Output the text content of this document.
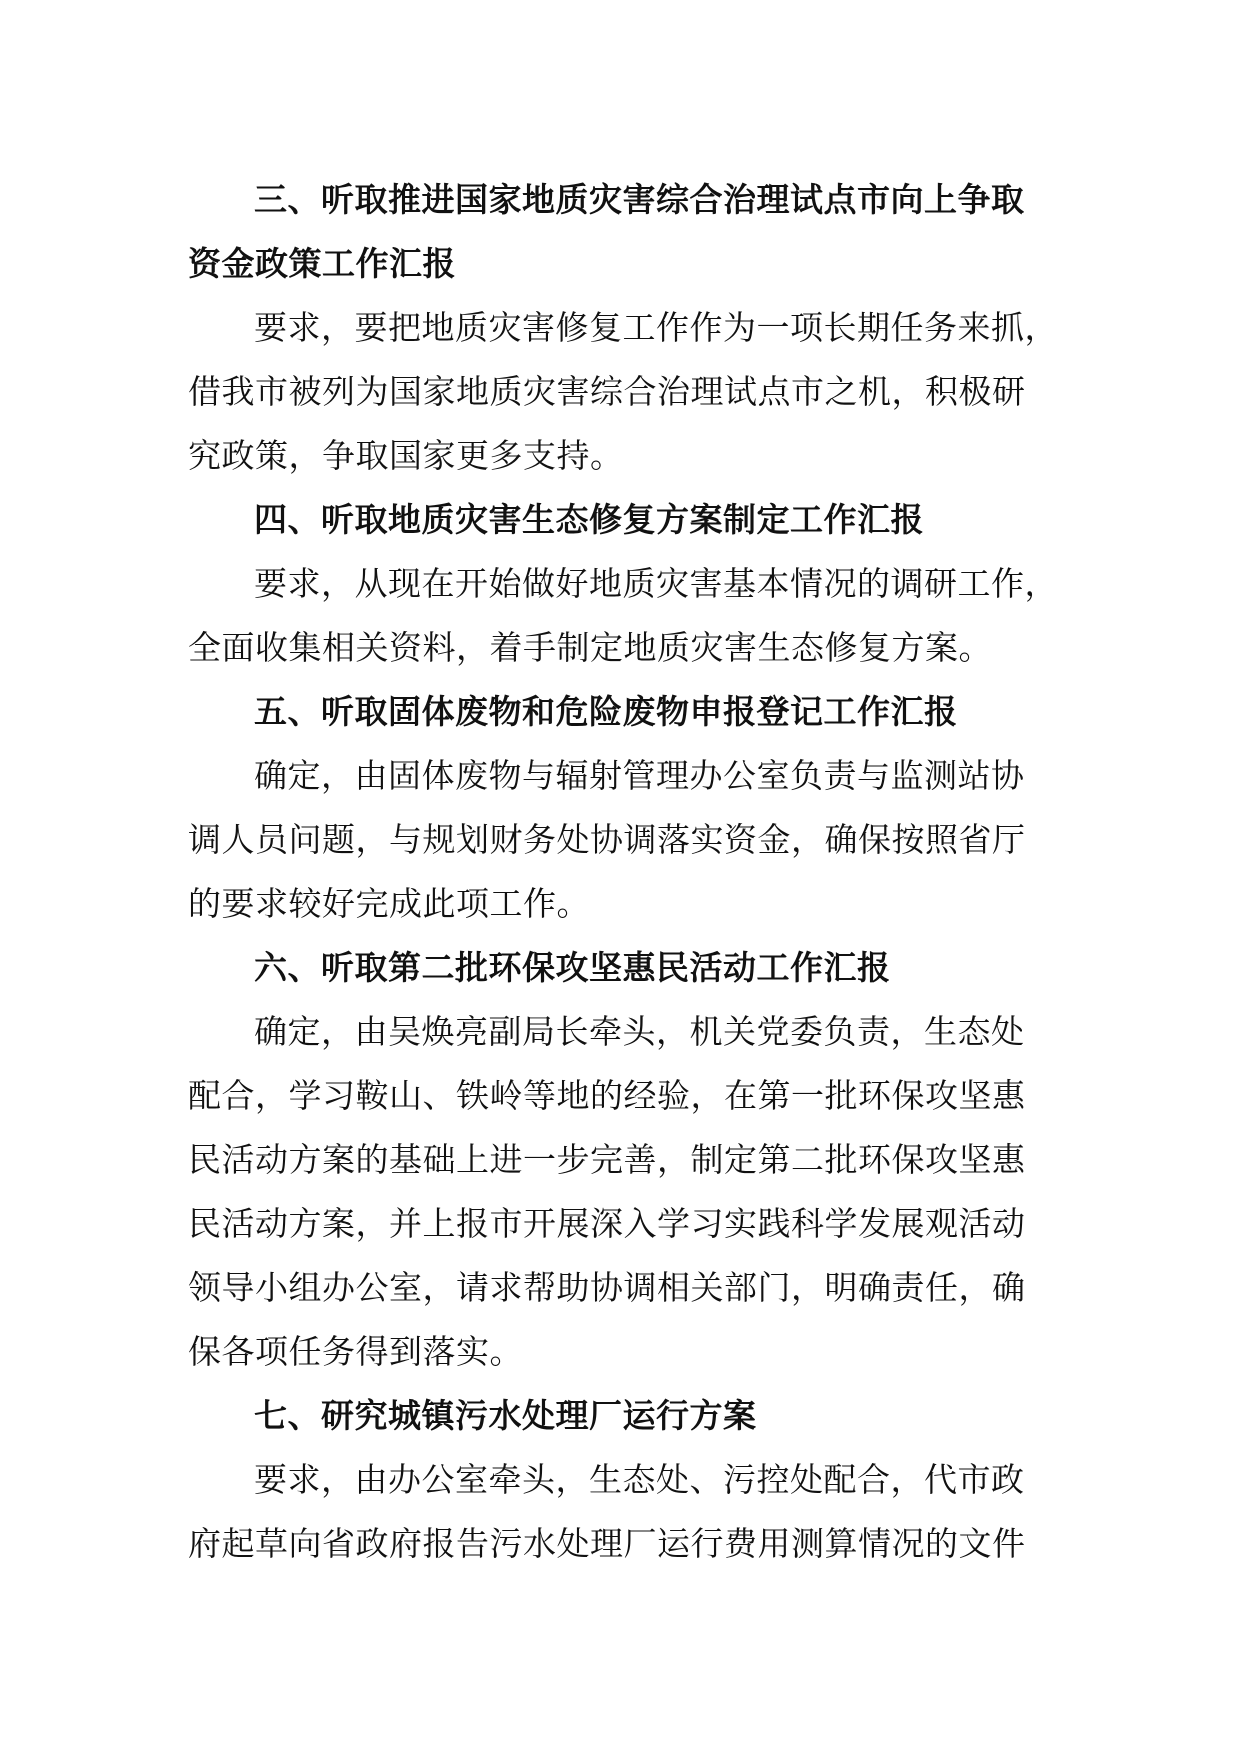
三、听取推进国家地质灾害综合治理试点市向上争取
资金政策工作汇报
要求，要把地质灾害修复工作作为一项长期任务来抓，
借我市被列为国家地质灾害综合治理试点市之机，积极研
究政策，争取国家更多支持。
四、听取地质灾害生态修复方案制定工作汇报
要求，从现在开始做好地质灾害基本情况的调研工作，
全面收集相关资料，着手制定地质灾害生态修复方案。
五、听取固体废物和危险废物申报登记工作汇报
确定，由固体废物与辐射管理办公室负责与监测站协
调人员问题，与规划财务处协调落实资金，确保按照省厅
的要求较好完成此项工作。
六、听取第二批环保攻坚惠民活动工作汇报
确定，由吴焕亮副局长牵头，机关党委负责，生态处
配合，学习鞍山、铁岭等地的经验，在第一批环保攻坚惠
民活动方案的基础上进一步完善，制定第二批环保攻坚惠
民活动方案，并上报市开展深入学习实践科学发展观活动
领导小组办公室，请求帮助协调相关部门，明确责任，确
保各项任务得到落实。
七、研究城镇污水处理厂运行方案
要求，由办公室牵头，生态处、污控处配合，代市政
府起草向省政府报告污水处理厂运行费用测算情况的文件
